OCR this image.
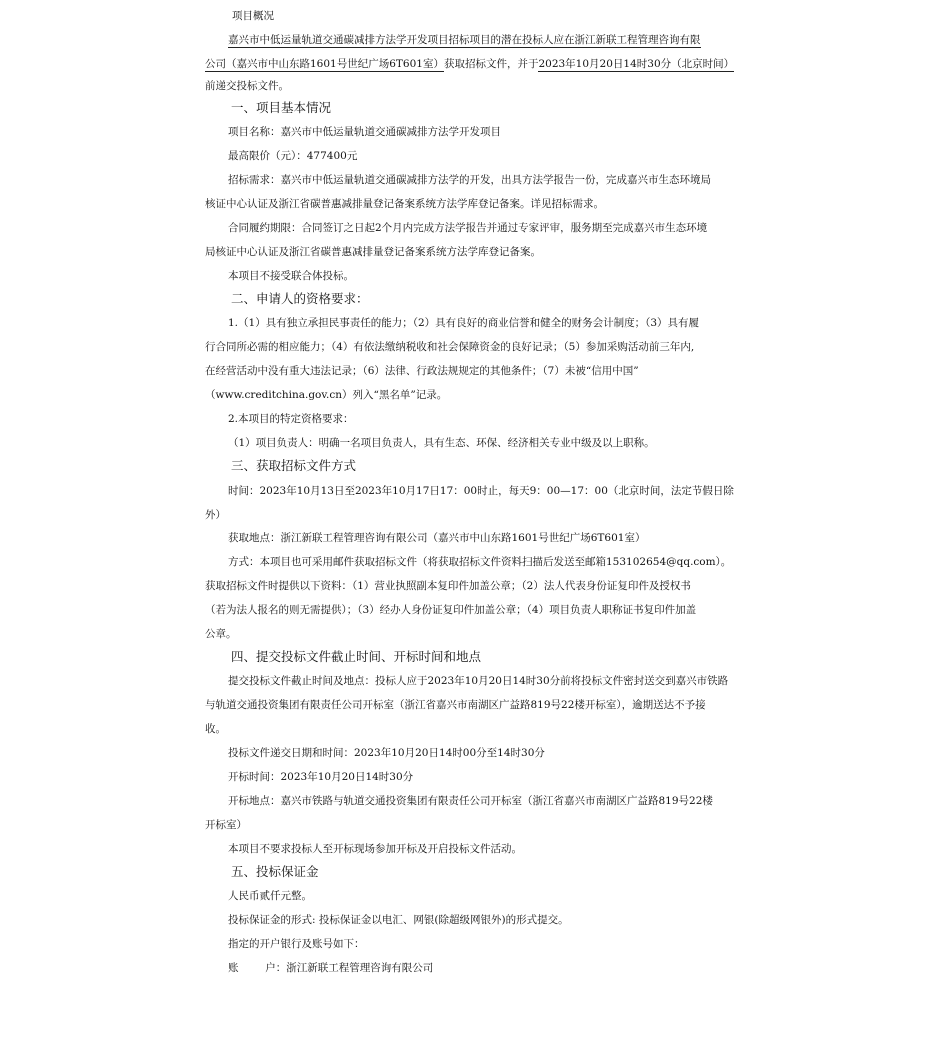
项目概况
嘉兴市中低运量轨道交通碳减排方法学开发项目招标项目的潜在投标人应在浙江新联工程管理咨询有限
公司（嘉兴市中山东路1601号世纪广场6T601室）获取招标文件，并于2023年10月20日14时30分（北京时间）
前递交投标文件。
一、项目基本情况
项目名称：嘉兴市中低运量轨道交通碳减排方法学开发项目
最高限价（元）：477400元
招标需求：嘉兴市中低运量轨道交通碳减排方法学的开发，出具方法学报告一份，完成嘉兴市生态环境局
核证中心认证及浙江省碳普惠减排量登记备案系统方法学库登记备案。详见招标需求。
合同履约期限：合同签订之日起2个月内完成方法学报告并通过专家评审，服务期至完成嘉兴市生态环境
局核证中心认证及浙江省碳普惠减排量登记备案系统方法学库登记备案。
本项目不接受联合体投标。
二、申请人的资格要求：
1.（1）具有独立承担民事责任的能力；（2）具有良好的商业信誉和健全的财务会计制度；（3）具有履
行合同所必需的相应能力；（4）有依法缴纳税收和社会保障资金的良好记录；（5）参加采购活动前三年内,
在经营活动中没有重大违法记录；（6）法律、行政法规规定的其他条件；（7）未被“信用中国”
（www.creditchina.gov.cn）列入“黑名单”记录。
2.本项目的特定资格要求：
（1）项目负责人：明确一名项目负责人，具有生态、环保、经济相关专业中级及以上职称。
三、获取招标文件方式
时间：2023年10月13日至2023年10月17日17：00时止，每天9：00—17：00（北京时间，法定节假日除
外）
获取地点：浙江新联工程管理咨询有限公司（嘉兴市中山东路1601号世纪广场6T601室）
方式：本项目也可采用邮件获取招标文件（将获取招标文件资料扫描后发送至邮箱153102654@qq.com）。
获取招标文件时提供以下资料：（1）营业执照副本复印件加盖公章；（2）法人代表身份证复印件及授权书
（若为法人报名的则无需提供）；（3）经办人身份证复印件加盖公章；（4）项目负责人职称证书复印件加盖
公章。
四、提交投标文件截止时间、开标时间和地点
提交投标文件截止时间及地点：投标人应于2023年10月20日14时30分前将投标文件密封送交到嘉兴市铁路
与轨道交通投资集团有限责任公司开标室（浙江省嘉兴市南湖区广益路819号22楼开标室），逾期送达不予接
收。
投标文件递交日期和时间：2023年10月20日14时00分至14时30分
开标时间：2023年10月20日14时30分
开标地点：嘉兴市铁路与轨道交通投资集团有限责任公司开标室（浙江省嘉兴市南湖区广益路819号22楼
开标室）
本项目不要求投标人至开标现场参加开标及开启投标文件活动。
五、投标保证金
人民币贰仟元整。
投标保证金的形式: 投标保证金以电汇、网银(除超级网银外)的形式提交。
指定的开户银行及账号如下：
账        户：浙江新联工程管理咨询有限公司
